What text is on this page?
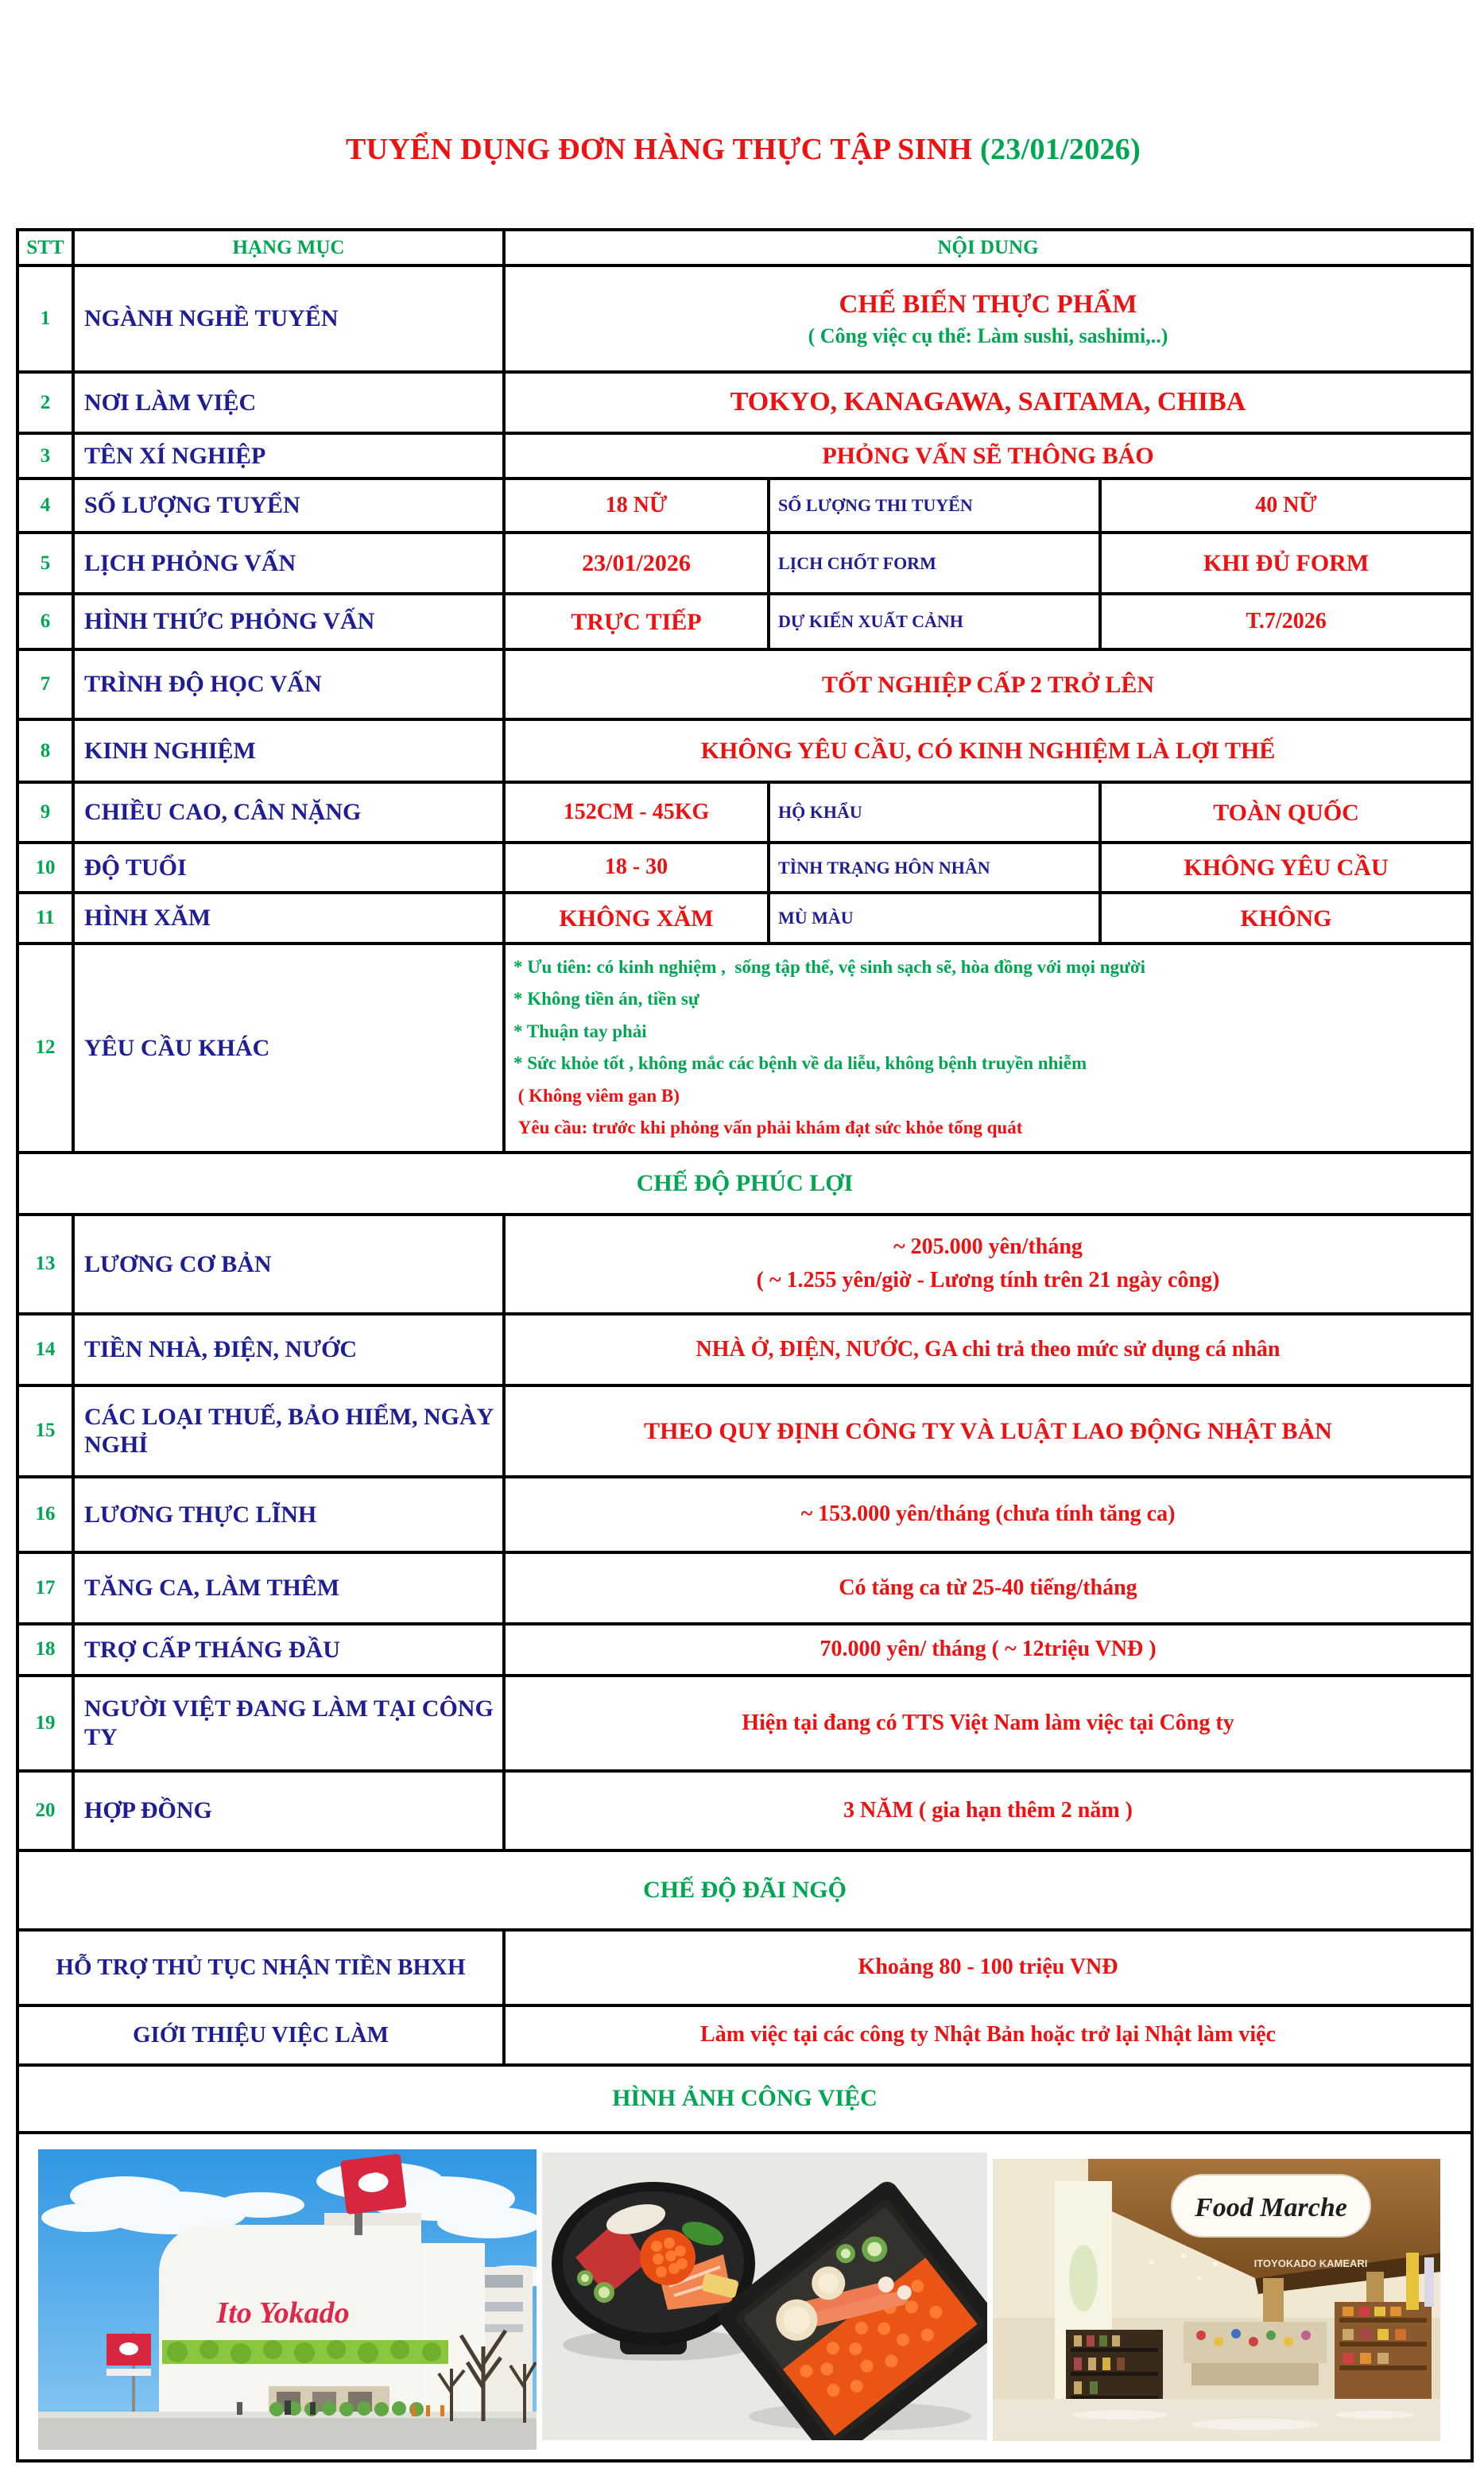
TUYỂN DỤNG ĐƠN HÀNG THỰC TẬP SINH (23/01/2026)
STT	HẠNG MỤC	NỘI DUNG		
1	NGÀNH NGHỀ TUYỂN	CHẾ BIẾN THỰC PHẨM
( Công việc cụ thể: Làm sushi, sashimi,..)		

2	NƠI LÀM VIỆC	TOKYO, KANAGAWA, SAITAMA, CHIBA		
3	TÊN XÍ NGHIỆP	PHỎNG VẤN SẼ THÔNG BÁO		
4	SỐ LƯỢNG TUYỂN	18 NỮ	SỐ LƯỢNG THI TUYỂN	40 NỮ
5	LỊCH PHỎNG VẤN	23/01/2026	LỊCH CHỐT FORM	KHI ĐỦ FORM
6	HÌNH THỨC PHỎNG VẤN	TRỰC TIẾP	DỰ KIẾN XUẤT CẢNH	T.7/2026
7	TRÌNH ĐỘ HỌC VẤN	TỐT NGHIỆP CẤP 2 TRỞ LÊN		
8	KINH NGHIỆM	KHÔNG YÊU CẦU, CÓ KINH NGHIỆM LÀ LỢI THẾ		
9	CHIỀU CAO, CÂN NẶNG	152CM - 45KG	HỘ KHẨU	TOÀN QUỐC
10	ĐỘ TUỔI	18 - 30	TÌNH TRẠNG HÔN NHÂN	KHÔNG YÊU CẦU
11	HÌNH XĂM	KHÔNG XĂM	MÙ MÀU	KHÔNG
12	YÊU CẦU KHÁC	
* Ưu tiên: có kinh nghiệm ,  sống tập thể, vệ sinh sạch sẽ, hòa đồng với mọi người
* Không tiền án, tiền sự
* Thuận tay phải
* Sức khỏe tốt , không mắc các bệnh về da liễu, không bệnh truyền nhiễm
( Không viêm gan B)
Yêu cầu: trước khi phỏng vấn phải khám đạt sức khỏe tổng quát

CHẾ ĐỘ PHÚC LỢI				
13	LƯƠNG CƠ BẢN	~ 205.000 yên/tháng
( ~ 1.255 yên/giờ - Lương tính trên 21 ngày công)		

14	TIỀN NHÀ, ĐIỆN, NƯỚC	NHÀ Ở, ĐIỆN, NƯỚC, GA chi trả theo mức sử dụng cá nhân		
15	CÁC LOẠI THUẾ, BẢO HIỂM, NGÀY NGHỈ	THEO QUY ĐỊNH CÔNG TY VÀ LUẬT LAO ĐỘNG NHẬT BẢN		
16	LƯƠNG THỰC LĨNH	~ 153.000 yên/tháng (chưa tính tăng ca)		
17	TĂNG CA, LÀM THÊM	Có tăng ca từ 25-40 tiếng/tháng		
18	TRỢ CẤP THÁNG ĐẦU	70.000 yên/ tháng ( ~ 12triệu VNĐ )		
19	NGƯỜI VIỆT ĐANG LÀM TẠI CÔNG TY	Hiện tại đang có TTS Việt Nam làm việc tại Công ty		
20	HỢP ĐỒNG	3 NĂM ( gia hạn thêm 2 năm )		
CHẾ ĐỘ ĐÃI NGỘ				
HỖ TRỢ THỦ TỤC NHẬN TIỀN BHXH		Khoảng 80 - 100 triệu VNĐ		
GIỚI THIỆU VIỆC LÀM		Làm việc tại các công ty Nhật Bản hoặc trở lại Nhật làm việc		
HÌNH ẢNH CÔNG VIỆC				

Ito Yokado
Food Marche
ITOYOKADO KAMEARI				
